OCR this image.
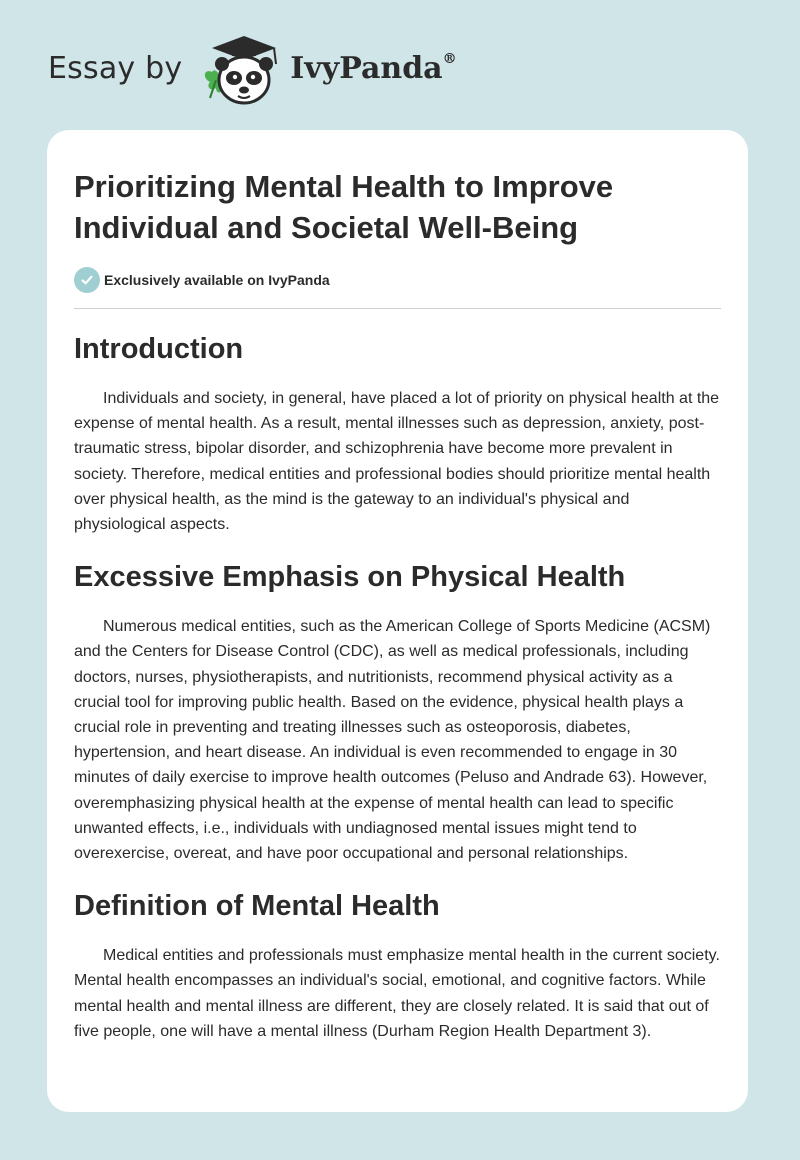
Essay by	IvyPanda®
Prioritizing Mental Health to Improve Individual and Societal Well-Being
Exclusively available on IvyPanda
Introduction

Individuals and society, in general, have placed a lot of priority on physical health at the expense of mental health. As a result, mental illnesses such as depression, anxiety, post-traumatic stress, bipolar disorder, and schizophrenia have become more prevalent in society. Therefore, medical entities and professional bodies should prioritize mental health over physical health, as the mind is the gateway to an individual's physical and physiological aspects.

Excessive Emphasis on Physical Health

Numerous medical entities, such as the American College of Sports Medicine (ACSM) and the Centers for Disease Control (CDC), as well as medical professionals, including doctors, nurses, physiotherapists, and nutritionists, recommend physical activity as a crucial tool for improving public health. Based on the evidence, physical health plays a crucial role in preventing and treating illnesses such as osteoporosis, diabetes, hypertension, and heart disease. An individual is even recommended to engage in 30 minutes of daily exercise to improve health outcomes (Peluso and Andrade 63). However, overemphasizing physical health at the expense of mental health can lead to specific unwanted effects, i.e., individuals with undiagnosed mental issues might tend to overexercise, overeat, and have poor occupational and personal relationships.

Definition of Mental Health

Medical entities and professionals must emphasize mental health in the current society. Mental health encompasses an individual's social, emotional, and cognitive factors. While mental health and mental illness are different, they are closely related. It is said that out of five people, one will have a mental illness (Durham Region Health Department 3).
